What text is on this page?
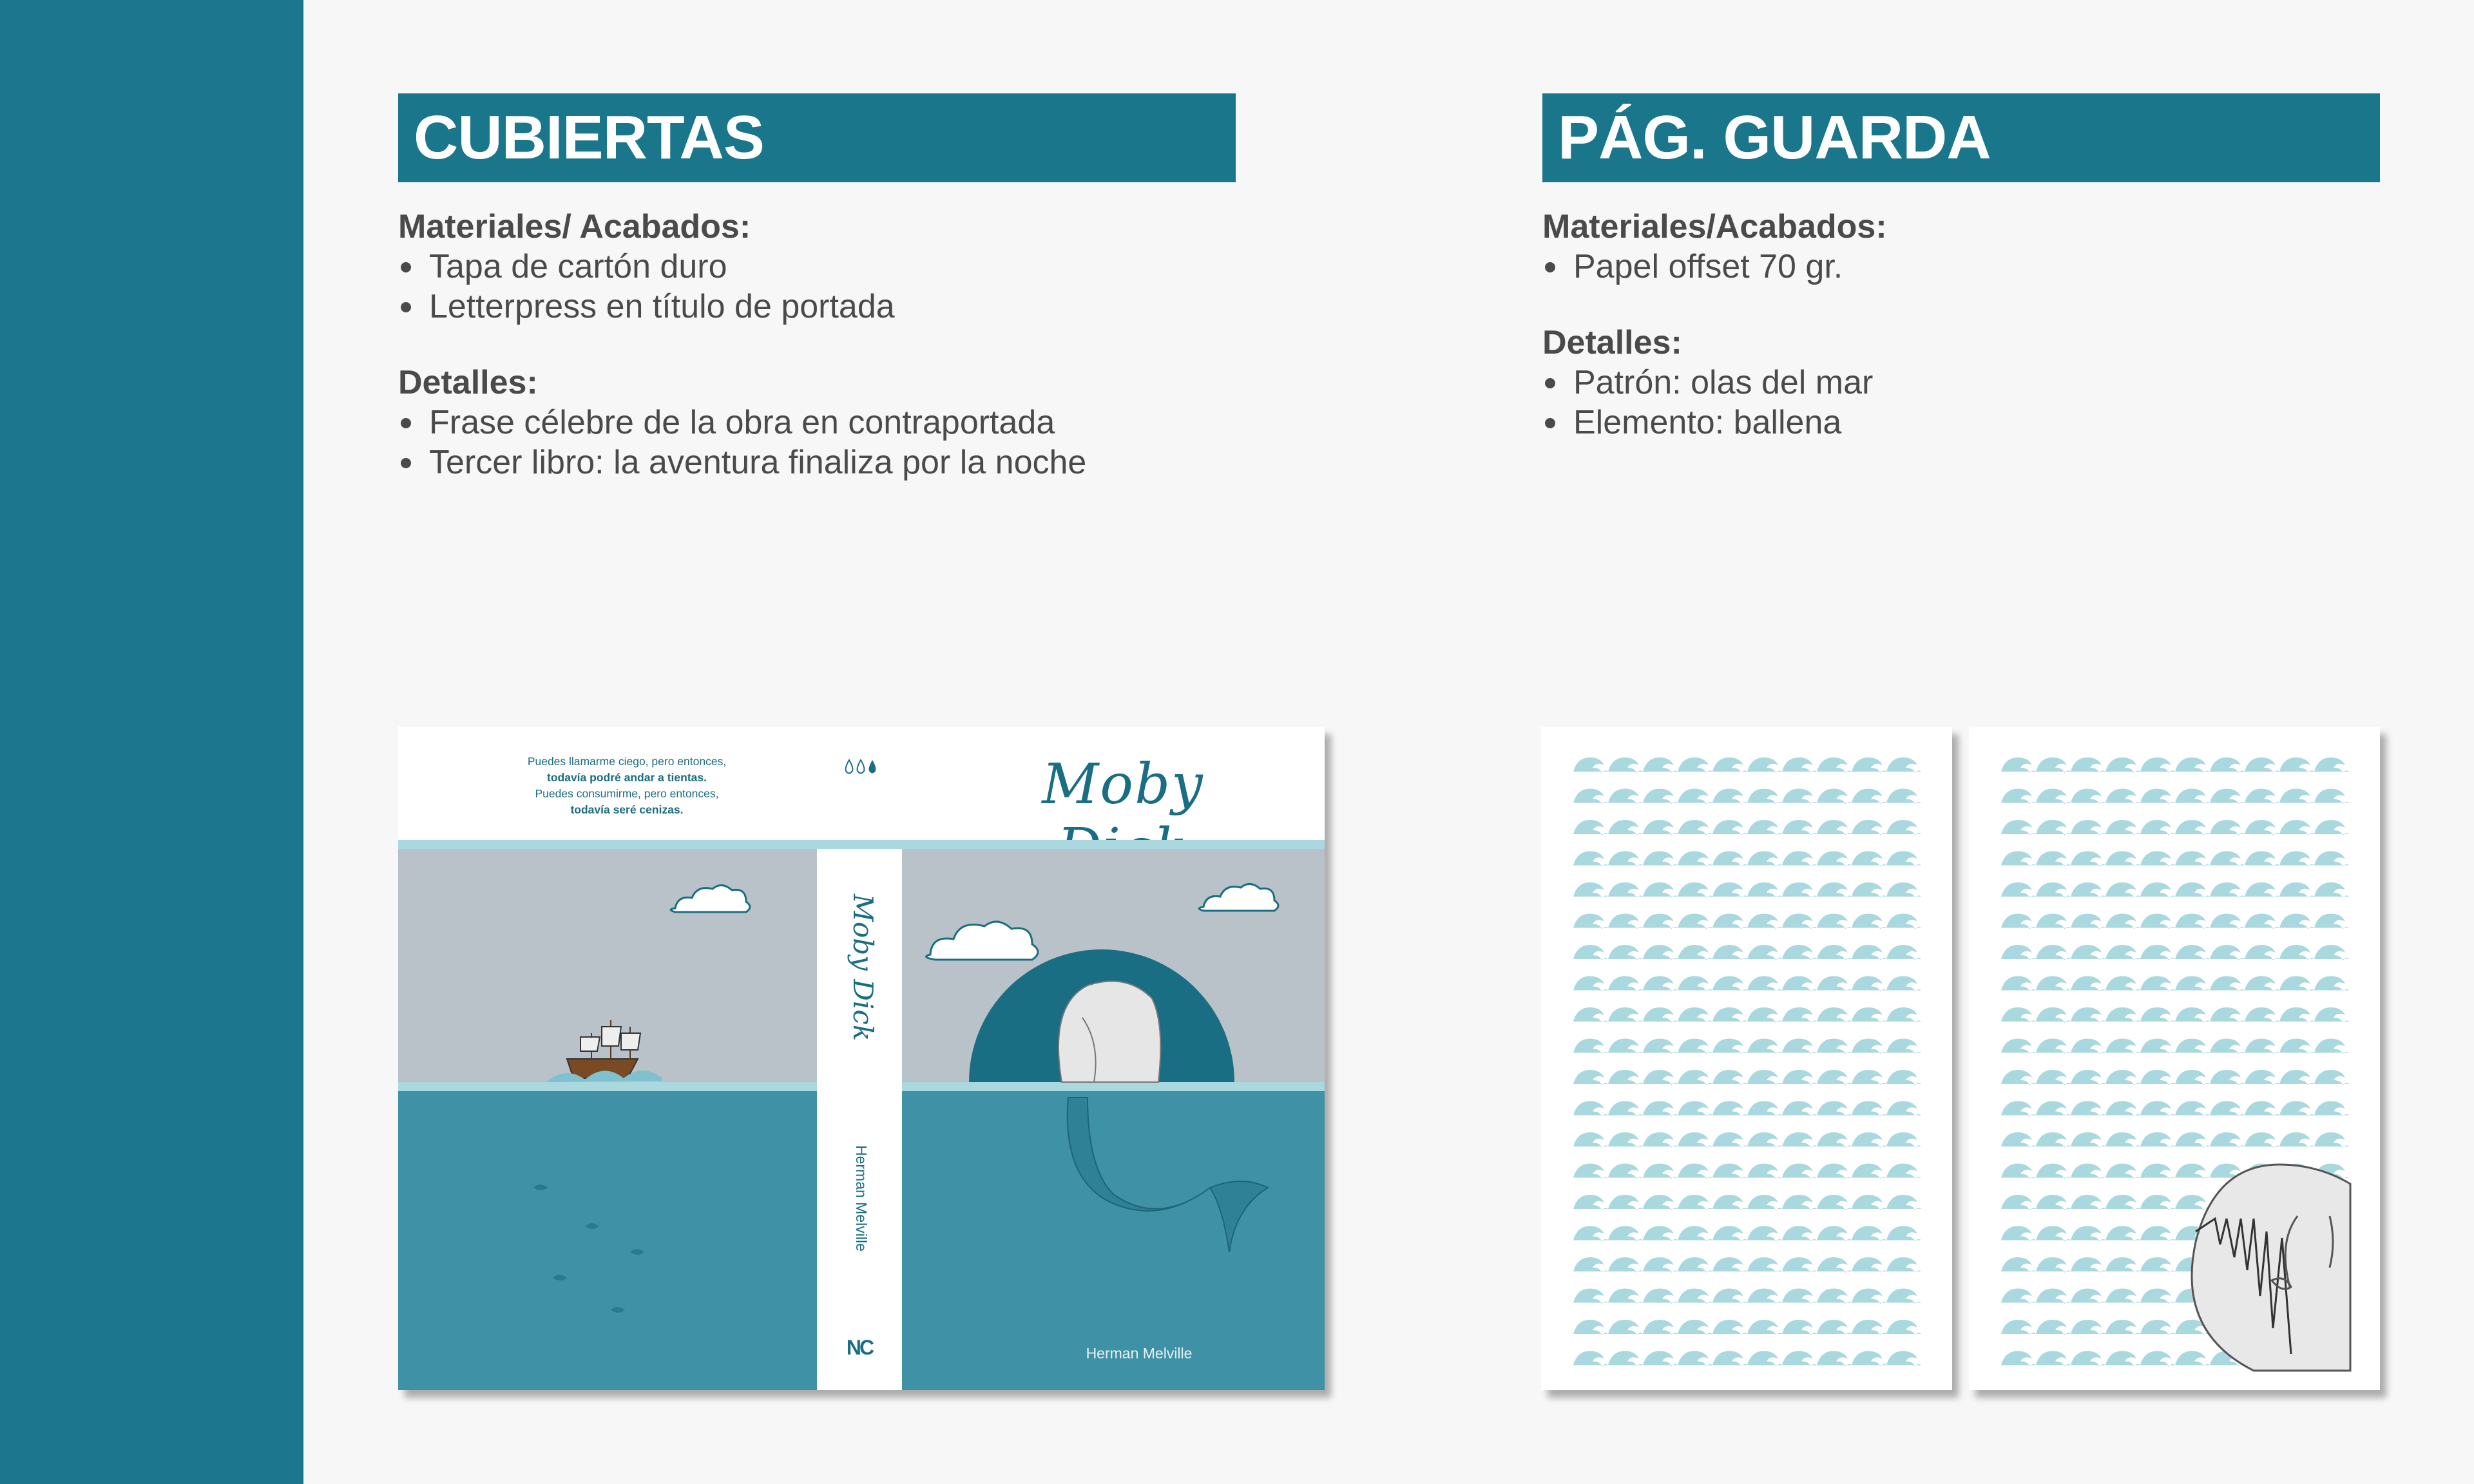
CUBIERTAS
Materiales/ Acabados:
Tapa de cartón duro
Letterpress en título de portada
Detalles:
Frase célebre de la obra en contraportada
Tercer libro: la aventura finaliza por la noche
PÁG. GUARDA
Materiales/Acabados:
Papel offset 70 gr.
Detalles:
Patrón: olas del mar
Elemento: ballena
Puedes llamarme ciego, pero entonces,
todavía podré andar a tientas.
Puedes consumirme, pero entonces,
todavía seré cenizas.	Moby
Moby Dick
Herman Melville
NC	Herman Melville
